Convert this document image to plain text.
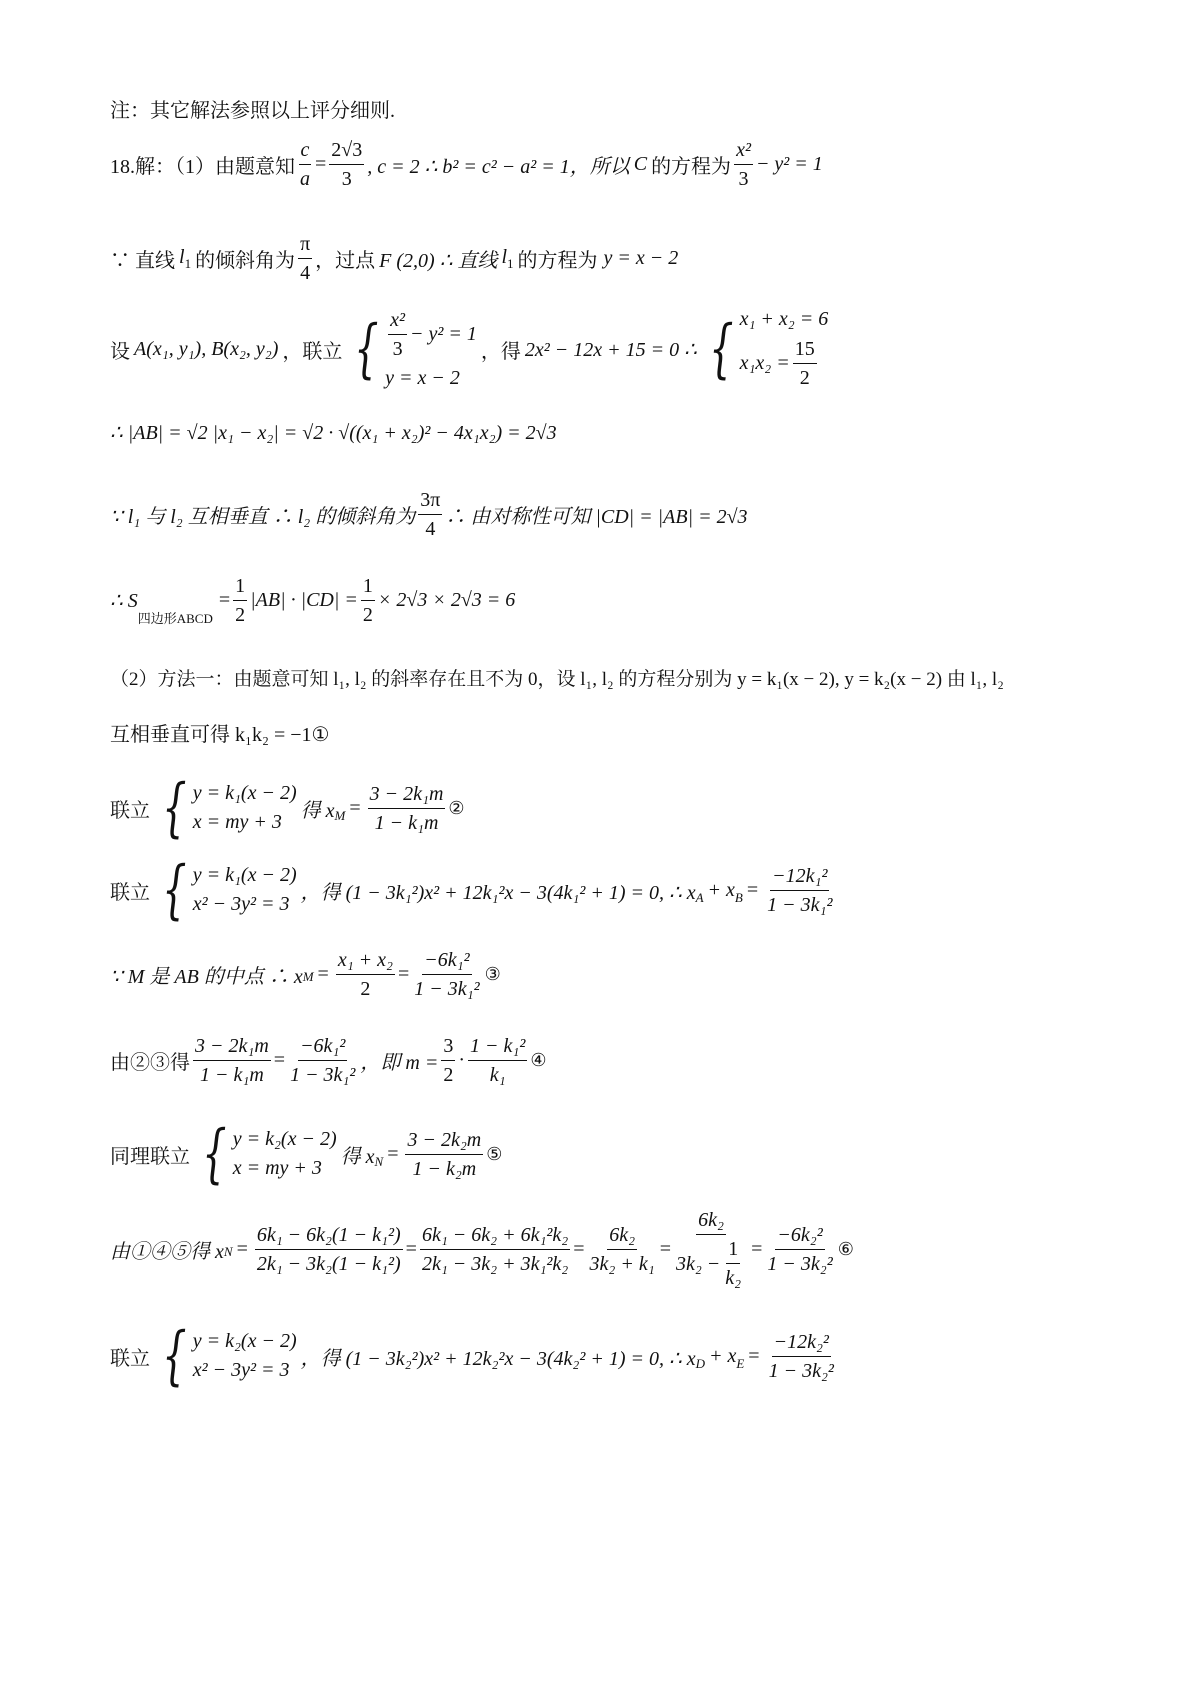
注：其它解法参照以上评分细则.
18.解：（1）由题意知 $\frac{c}{a} = \frac{2√3}{3}$ , c = 2 ∴ b² = c² − a² = 1，所以 C 的方程为 $\frac{\text{x²}}{3} - y^2 = 1$
∵ 直线 $l_1$ 的倾斜角为 $\frac{\pi}{4}$ ，过点 F (2,0) ∴ 直线 $l_1$ 的方程为 y = x − 2
设 A(x₁, y₁), B(x₂, y₂) ，联立 { $\frac{\text{x²}}{3} - y^2 = 1$
y = x − 2
，得 2x² − 12x + 15 = 0 ∴ { x₁ + x₂ = 6
$x_1x_2 = \frac{15}{2}$
∴ |AB| = √2 |x₁ − x₂| = √2 · √((x₁ + x₂)² − 4x₁x₂) = 2√3
∵ l₁ 与 l₂ 互相垂直 ∴ l₂ 的倾斜角为 $\frac{3\pi}{4}$ ∴ 由对称性可知 |CD| = |AB| = 2√3
∴ S
$_{四边形ABCD}$
= $\frac{1}{2} |AB| \cdot |CD| = \frac{1}{2} \times 2√3 \times 2√3 = 6$
（2）方法一：由题意可知 l₁, l₂ 的斜率存在且不为 0，设 l₁, l₂ 的方程分别为 y = k₁(x − 2), y = k₂(x − 2) 由 l₁, l₂
互相垂直可得 k₁k₂ = −1①
联立 { y = k₁(x − 2)
x = my + 3
得 $x_M = \frac{\text{3 − 2k₁m}}{\text{1 − k₁m}}$ ②
联立 { y = k₁(x − 2)
x² − 3y² = 3
，得 (1 − 3k₁²)x² + 12k₁²x − 3(4k₁² + 1) = 0, ∴ $x_A + x_B = \frac{\text{−12k₁²}}{\text{1 − 3k₁²}}$
∵ M 是 AB 的中点 ∴ x $M = \frac{\text{x₁ + x₂}}{2} = \frac{\text{−6k₁²}}{\text{1 − 3k₁²}}$ ③
由②③得 $\frac{\text{3 − 2k₁m}}{\text{1 − k₁m}} = \frac{\text{−6k₁²}}{\text{1 − 3k₁²}}$ ，即 $m = \frac{3}{2} \cdot \frac{\text{1 − k₁²}}{\text{k₁}}$ ④
同理联立 { y = k₂(x − 2)
x = my + 3
得 $x_N = \frac{\text{3 − 2k₂m}}{\text{1 − k₂m}}$ ⑤
由①④⑤得 x $N = \frac{\text{6k₁ − 6k₂(1 − k₁²)}}{\text{2k₁ − 3k₂(1 − k₁²)}} = \frac{\text{6k₁ − 6k₂ + 6k₁²k₂}}{\text{2k₁ − 3k₂ + 3k₁²k₂}} = \frac{\text{6k₂}}{\text{3k₂ + k₁}} = \frac{\text{6k₂}}{3k_2 - \frac{1}{\text{k₂}}} = \frac{\text{−6k₂²}}{\text{1 − 3k₂²}}$ ⑥
联立 { y = k₂(x − 2)
x² − 3y² = 3
，得 (1 − 3k₂²)x² + 12k₂²x − 3(4k₂² + 1) = 0, ∴ $x_D + x_E = \frac{\text{−12k₂²}}{\text{1 − 3k₂²}}$
